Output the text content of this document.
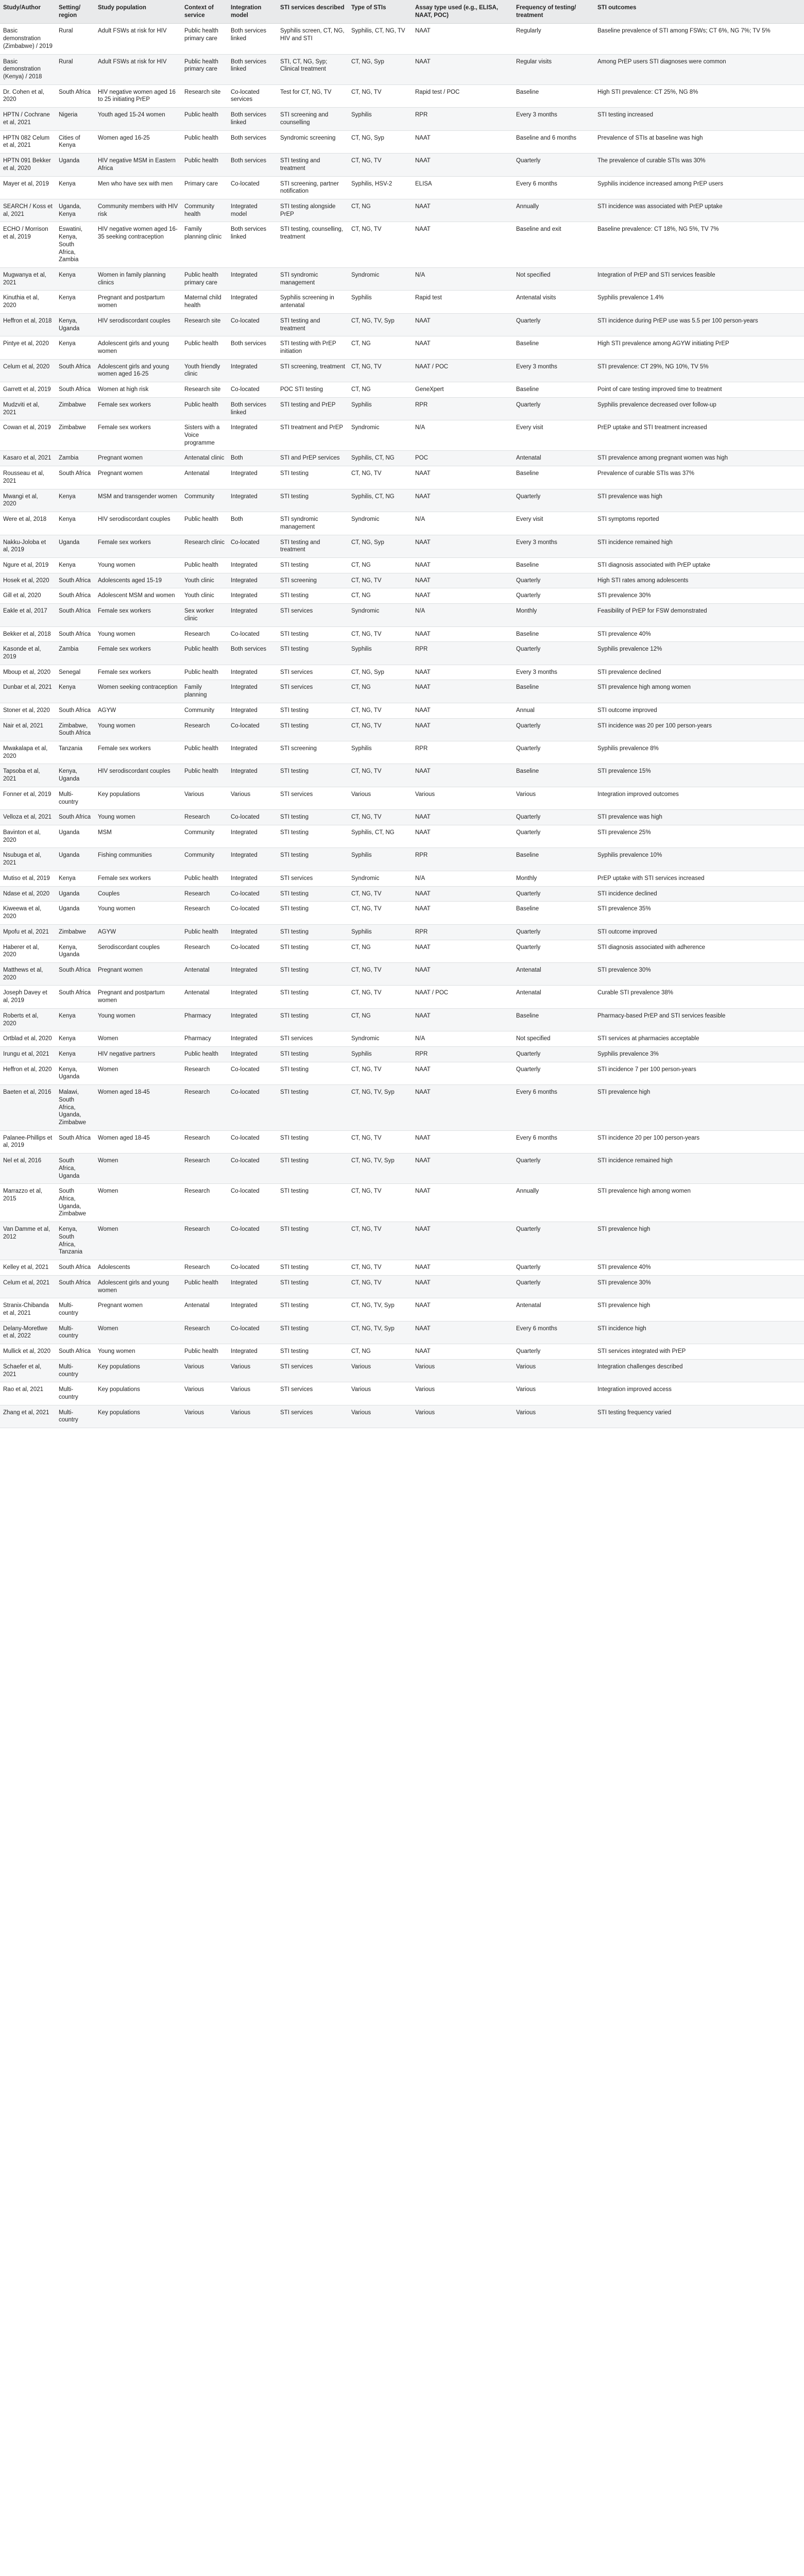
Study/Author	Setting/ region	Study population	Context of service	Integration model	STI services described	Type of STIs	Assay type used (e.g., ELISA, NAAT, POC)	Frequency of testing/ treatment	STI outcomes
Basic demonstration (Zimbabwe) / 2019	Rural	Adult FSWs at risk for HIV	Public health primary care	Both services linked	Syphilis screen, CT, NG, HIV and STI	Syphilis, CT, NG, TV	NAAT	Regularly	Baseline prevalence of STI among FSWs; CT 6%, NG 7%; TV 5%
Basic demonstration (Kenya) / 2018	Rural	Adult FSWs at risk for HIV	Public health primary care	Both services linked	STI, CT, NG, Syp; Clinical treatment	CT, NG, Syp	NAAT	Regular visits	Among PrEP users STI diagnoses were common
Dr. Cohen et al, 2020	South Africa	HIV negative women aged 16 to 25 initiating PrEP	Research site	Co-located services	Test for CT, NG, TV	CT, NG, TV	Rapid test / POC	Baseline	High STI prevalence: CT 25%, NG 8%
HPTN / Cochrane et al, 2021	Nigeria	Youth aged 15-24 women	Public health	Both services linked	STI screening and counselling	Syphilis	RPR	Every 3 months	STI testing increased
HPTN 082 Celum et al, 2021	Cities of Kenya	Women aged 16-25	Public health	Both services	Syndromic screening	CT, NG, Syp	NAAT	Baseline and 6 months	Prevalence of STIs at baseline was high
HPTN 091 Bekker et al, 2020	Uganda	HIV negative MSM in Eastern Africa	Public health	Both services	STI testing and treatment	CT, NG, TV	NAAT	Quarterly	The prevalence of curable STIs was 30%
Mayer et al, 2019	Kenya	Men who have sex with men	Primary care	Co-located	STI screening, partner notification	Syphilis, HSV-2	ELISA	Every 6 months	Syphilis incidence increased among PrEP users
SEARCH / Koss et al, 2021	Uganda, Kenya	Community members with HIV risk	Community health	Integrated model	STI testing alongside PrEP	CT, NG	NAAT	Annually	STI incidence was associated with PrEP uptake
ECHO / Morrison et al, 2019	Eswatini, Kenya, South Africa, Zambia	HIV negative women aged 16-35 seeking contraception	Family planning clinic	Both services linked	STI testing, counselling, treatment	CT, NG, TV	NAAT	Baseline and exit	Baseline prevalence: CT 18%, NG 5%, TV 7%
Mugwanya et al, 2021	Kenya	Women in family planning clinics	Public health primary care	Integrated	STI syndromic management	Syndromic	N/A	Not specified	Integration of PrEP and STI services feasible
Kinuthia et al, 2020	Kenya	Pregnant and postpartum women	Maternal child health	Integrated	Syphilis screening in antenatal	Syphilis	Rapid test	Antenatal visits	Syphilis prevalence 1.4%
Heffron et al, 2018	Kenya, Uganda	HIV serodiscordant couples	Research site	Co-located	STI testing and treatment	CT, NG, TV, Syp	NAAT	Quarterly	STI incidence during PrEP use was 5.5 per 100 person-years
Pintye et al, 2020	Kenya	Adolescent girls and young women	Public health	Both services	STI testing with PrEP initiation	CT, NG	NAAT	Baseline	High STI prevalence among AGYW initiating PrEP
Celum et al, 2020	South Africa	Adolescent girls and young women aged 16-25	Youth friendly clinic	Integrated	STI screening, treatment	CT, NG, TV	NAAT / POC	Every 3 months	STI prevalence: CT 29%, NG 10%, TV 5%
Garrett et al, 2019	South Africa	Women at high risk	Research site	Co-located	POC STI testing	CT, NG	GeneXpert	Baseline	Point of care testing improved time to treatment
Mudzviti et al, 2021	Zimbabwe	Female sex workers	Public health	Both services linked	STI testing and PrEP	Syphilis	RPR	Quarterly	Syphilis prevalence decreased over follow-up
Cowan et al, 2019	Zimbabwe	Female sex workers	Sisters with a Voice programme	Integrated	STI treatment and PrEP	Syndromic	N/A	Every visit	PrEP uptake and STI treatment increased
Kasaro et al, 2021	Zambia	Pregnant women	Antenatal clinic	Both	STI and PrEP services	Syphilis, CT, NG	POC	Antenatal	STI prevalence among pregnant women was high
Rousseau et al, 2021	South Africa	Pregnant women	Antenatal	Integrated	STI testing	CT, NG, TV	NAAT	Baseline	Prevalence of curable STIs was 37%
Mwangi et al, 2020	Kenya	MSM and transgender women	Community	Integrated	STI testing	Syphilis, CT, NG	NAAT	Quarterly	STI prevalence was high
Were et al, 2018	Kenya	HIV serodiscordant couples	Public health	Both	STI syndromic management	Syndromic	N/A	Every visit	STI symptoms reported
Nakku-Joloba et al, 2019	Uganda	Female sex workers	Research clinic	Co-located	STI testing and treatment	CT, NG, Syp	NAAT	Every 3 months	STI incidence remained high
Ngure et al, 2019	Kenya	Young women	Public health	Integrated	STI testing	CT, NG	NAAT	Baseline	STI diagnosis associated with PrEP uptake
Hosek et al, 2020	South Africa	Adolescents aged 15-19	Youth clinic	Integrated	STI screening	CT, NG, TV	NAAT	Quarterly	High STI rates among adolescents
Gill et al, 2020	South Africa	Adolescent MSM and women	Youth clinic	Integrated	STI testing	CT, NG	NAAT	Quarterly	STI prevalence 30%
Eakle et al, 2017	South Africa	Female sex workers	Sex worker clinic	Integrated	STI services	Syndromic	N/A	Monthly	Feasibility of PrEP for FSW demonstrated
Bekker et al, 2018	South Africa	Young women	Research	Co-located	STI testing	CT, NG, TV	NAAT	Baseline	STI prevalence 40%
Kasonde et al, 2019	Zambia	Female sex workers	Public health	Both services	STI testing	Syphilis	RPR	Quarterly	Syphilis prevalence 12%
Mboup et al, 2020	Senegal	Female sex workers	Public health	Integrated	STI services	CT, NG, Syp	NAAT	Every 3 months	STI prevalence declined
Dunbar et al, 2021	Kenya	Women seeking contraception	Family planning	Integrated	STI services	CT, NG	NAAT	Baseline	STI prevalence high among women
Stoner et al, 2020	South Africa	AGYW	Community	Integrated	STI testing	CT, NG, TV	NAAT	Annual	STI outcome improved
Nair et al, 2021	Zimbabwe, South Africa	Young women	Research	Co-located	STI testing	CT, NG, TV	NAAT	Quarterly	STI incidence was 20 per 100 person-years
Mwakalapa et al, 2020	Tanzania	Female sex workers	Public health	Integrated	STI screening	Syphilis	RPR	Quarterly	Syphilis prevalence 8%
Tapsoba et al, 2021	Kenya, Uganda	HIV serodiscordant couples	Public health	Integrated	STI testing	CT, NG, TV	NAAT	Baseline	STI prevalence 15%
Fonner et al, 2019	Multi-country	Key populations	Various	Various	STI services	Various	Various	Various	Integration improved outcomes
Velloza et al, 2021	South Africa	Young women	Research	Co-located	STI testing	CT, NG, TV	NAAT	Quarterly	STI prevalence was high
Bavinton et al, 2020	Uganda	MSM	Community	Integrated	STI testing	Syphilis, CT, NG	NAAT	Quarterly	STI prevalence 25%
Nsubuga et al, 2021	Uganda	Fishing communities	Community	Integrated	STI testing	Syphilis	RPR	Baseline	Syphilis prevalence 10%
Mutiso et al, 2019	Kenya	Female sex workers	Public health	Integrated	STI services	Syndromic	N/A	Monthly	PrEP uptake with STI services increased
Ndase et al, 2020	Uganda	Couples	Research	Co-located	STI testing	CT, NG, TV	NAAT	Quarterly	STI incidence declined
Kiweewa et al, 2020	Uganda	Young women	Research	Co-located	STI testing	CT, NG, TV	NAAT	Baseline	STI prevalence 35%
Mpofu et al, 2021	Zimbabwe	AGYW	Public health	Integrated	STI testing	Syphilis	RPR	Quarterly	STI outcome improved
Haberer et al, 2020	Kenya, Uganda	Serodiscordant couples	Research	Co-located	STI testing	CT, NG	NAAT	Quarterly	STI diagnosis associated with adherence
Matthews et al, 2020	South Africa	Pregnant women	Antenatal	Integrated	STI testing	CT, NG, TV	NAAT	Antenatal	STI prevalence 30%
Joseph Davey et al, 2019	South Africa	Pregnant and postpartum women	Antenatal	Integrated	STI testing	CT, NG, TV	NAAT / POC	Antenatal	Curable STI prevalence 38%
Roberts et al, 2020	Kenya	Young women	Pharmacy	Integrated	STI testing	CT, NG	NAAT	Baseline	Pharmacy-based PrEP and STI services feasible
Ortblad et al, 2020	Kenya	Women	Pharmacy	Integrated	STI services	Syndromic	N/A	Not specified	STI services at pharmacies acceptable
Irungu et al, 2021	Kenya	HIV negative partners	Public health	Integrated	STI testing	Syphilis	RPR	Quarterly	Syphilis prevalence 3%
Heffron et al, 2020	Kenya, Uganda	Women	Research	Co-located	STI testing	CT, NG, TV	NAAT	Quarterly	STI incidence 7 per 100 person-years
Baeten et al, 2016	Malawi, South Africa, Uganda, Zimbabwe	Women aged 18-45	Research	Co-located	STI testing	CT, NG, TV, Syp	NAAT	Every 6 months	STI prevalence high
Palanee-Phillips et al, 2019	South Africa	Women aged 18-45	Research	Co-located	STI testing	CT, NG, TV	NAAT	Every 6 months	STI incidence 20 per 100 person-years
Nel et al, 2016	South Africa, Uganda	Women	Research	Co-located	STI testing	CT, NG, TV, Syp	NAAT	Quarterly	STI incidence remained high
Marrazzo et al, 2015	South Africa, Uganda, Zimbabwe	Women	Research	Co-located	STI testing	CT, NG, TV	NAAT	Annually	STI prevalence high among women
Van Damme et al, 2012	Kenya, South Africa, Tanzania	Women	Research	Co-located	STI testing	CT, NG, TV	NAAT	Quarterly	STI prevalence high
Kelley et al, 2021	South Africa	Adolescents	Research	Co-located	STI testing	CT, NG, TV	NAAT	Quarterly	STI prevalence 40%
Celum et al, 2021	South Africa	Adolescent girls and young women	Public health	Integrated	STI testing	CT, NG, TV	NAAT	Quarterly	STI prevalence 30%
Stranix-Chibanda et al, 2021	Multi-country	Pregnant women	Antenatal	Integrated	STI testing	CT, NG, TV, Syp	NAAT	Antenatal	STI prevalence high
Delany-Moretlwe et al, 2022	Multi-country	Women	Research	Co-located	STI testing	CT, NG, TV, Syp	NAAT	Every 6 months	STI incidence high
Mullick et al, 2020	South Africa	Young women	Public health	Integrated	STI testing	CT, NG	NAAT	Quarterly	STI services integrated with PrEP
Schaefer et al, 2021	Multi-country	Key populations	Various	Various	STI services	Various	Various	Various	Integration challenges described
Rao et al, 2021	Multi-country	Key populations	Various	Various	STI services	Various	Various	Various	Integration improved access
Zhang et al, 2021	Multi-country	Key populations	Various	Various	STI services	Various	Various	Various	STI testing frequency varied
